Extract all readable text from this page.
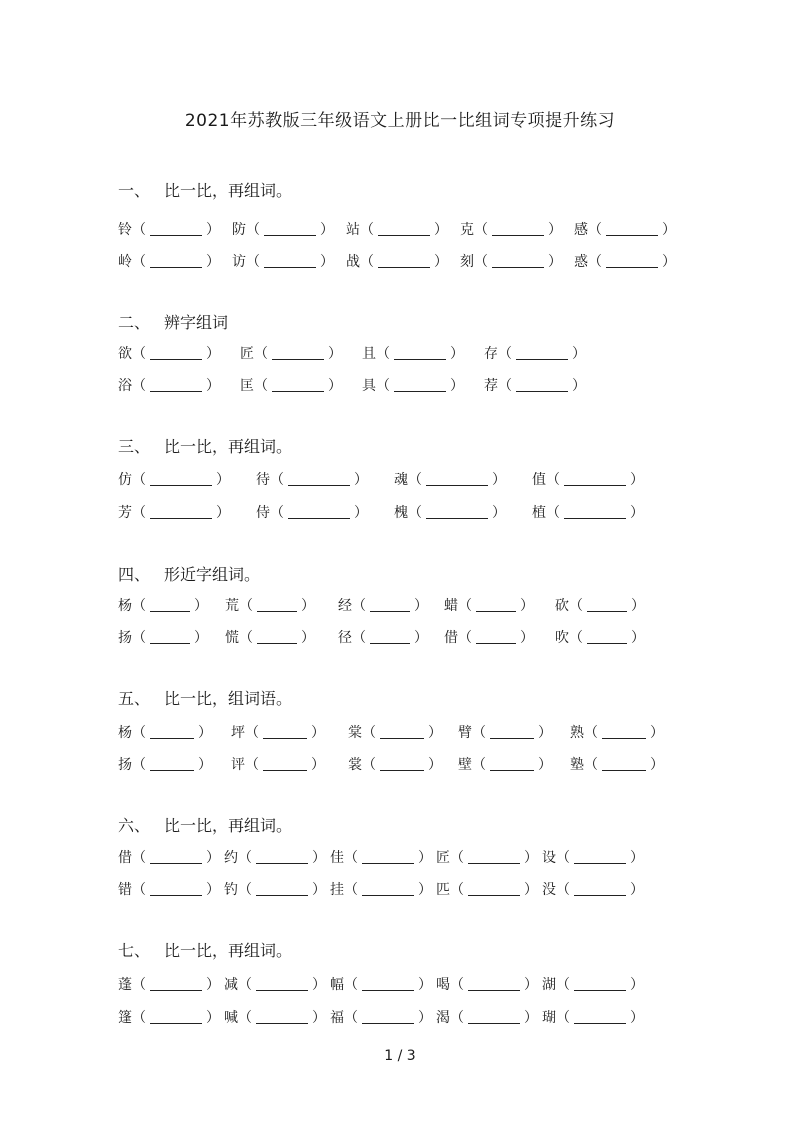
2021年苏教版三年级语文上册比一比组词专项提升练习
一、 比一比，再组词。
铃（	） 防（	） 站（	） 克（	） 感（	）
岭（	） 访（	） 战（	） 刻（	） 惑（	）
二、 辨字组词
欲（	） 匠（	） 且（	） 存（	）
浴（	） 匡（	） 具（	） 荐（	）
三、 比一比，再组词。
仿（	） 待（	） 魂（	） 值（	）
芳（	） 侍（	） 槐（	） 植（	）
四、 形近字组词。
杨（	） 荒（	） 经（	） 蜡（	） 砍（	）
扬（	） 慌（	） 径（	） 借（	） 吹（	）
五、 比一比，组词语。
杨（	） 坪（	） 棠（	） 臂（	） 熟（	）
扬（	） 评（	） 裳（	） 壁（	） 塾（	）
六、 比一比，再组词。
借（	） 约（	） 佳（	） 匠（	） 设（	）
错（	） 钓（	） 挂（	） 匹（	） 没（	）
七、 比一比，再组词。
蓬（	） 减（	） 幅（	） 喝（	） 湖（	）
篷（	） 喊（	） 福（	） 渴（	） 瑚（	）
1 / 3
